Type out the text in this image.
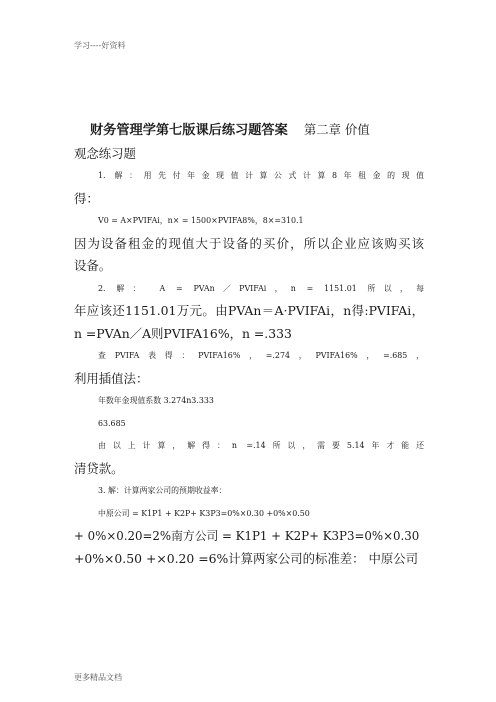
学习----好资料
财务管理学第七版课后练习题答案 第二章 价值
观念练习题
1. 解：用先付年金现值计算公式计算8年租金的现值
得：
V0 = A×PVIFAi，n× = 1500×PVIFA8%，8×=310.1
因为设备租金的现值大于设备的买价，所以企业应该购买该
设备。
2. 解： A = PVAn／PVIFAi，n = 1151.01 所以，每
年应该还1151.01万元。由PVAn＝A·PVIFAi，n得:PVIFAi，
n =PVAn／A则PVIFA16%，n =.333
查PVIFA表得：PVIFA16%，=.274，PVIFA16%，=.685，
利用插值法：
年数年金现值系数 3.274n3.333
63.685
由以上计算，解得：n =.14所以，需要5.14年才能还
清贷款。
3. 解：计算两家公司的预期收益率：
中原公司 = K1P1 + K2P+ K3P3=0%×0.30 +0%×0.50
+ 0%×0.20=2%南方公司 = K1P1 + K2P+ K3P3=0%×0.30
+0%×0.50 +×0.20 =6%计算两家公司的标准差： 中原公司
更多精品文档
